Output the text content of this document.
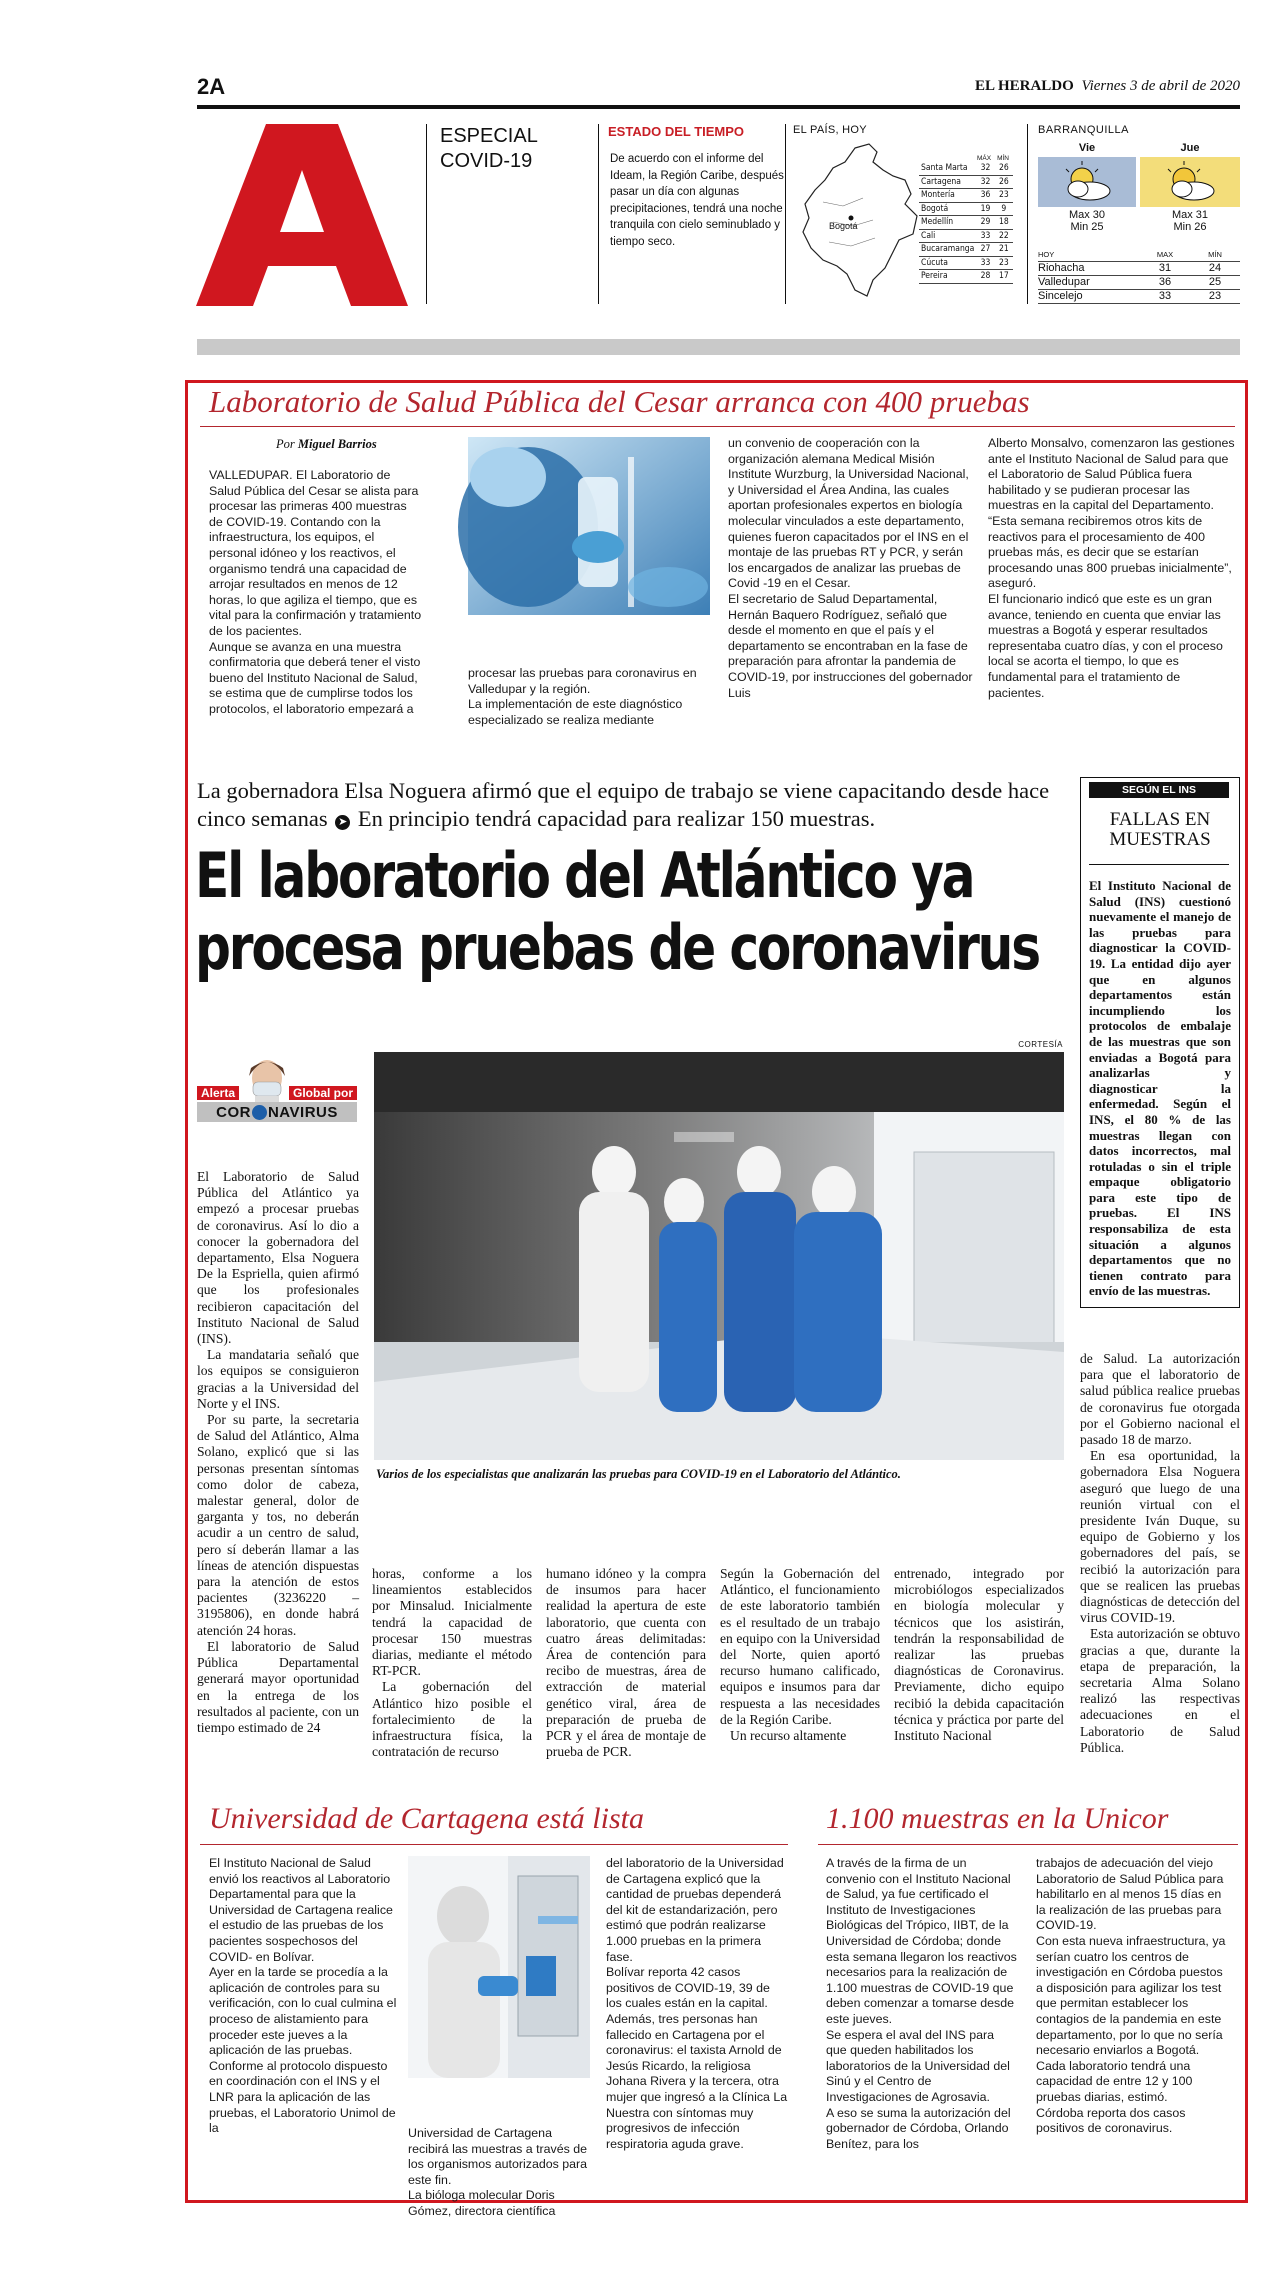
2A	EL HERALDO Viernes 3 de abril de 2020
ESPECIAL
COVID-19
ESTADO DEL TIEMPO
De acuerdo con el informe del Ideam, la Región Caribe, después pasar un día con algunas precipitaciones, tendrá una noche tranquila con cielo seminublado y tiempo seco.
EL PAÍS, HOY
Bogotá
MÁX MÍN
Santa Marta	32	26
Cartagena	32	26
Montería	36	23
Bogotá	19	9
Medellín	29	18
Cali	33	22
Bucaramanga	27	21
Cúcuta	33	23
Pereira	28	17
BARRANQUILLA
Vie
Max 30
Min 25
Jue
Max 31
Min 26
HOY	MAX	MÍN
Riohacha	31	24
Valledupar	36	25
Sincelejo	33	23
Laboratorio de Salud Pública del Cesar arranca con 400 pruebas
Por Miguel Barrios

VALLEDUPAR. El Laboratorio de Salud Pública del Cesar se alista para procesar las primeras 400 muestras de COVID-19. Contando con la infraestructura, los equipos, el personal idóneo y los reactivos, el organismo tendrá una capacidad de arrojar resultados en menos de 12 horas, lo que agiliza el tiempo, que es vital para la confirmación y tratamiento de los pacientes.

Aunque se avanza en una muestra confirmatoria que deberá tener el visto bueno del Instituto Nacional de Salud, se estima que de cumplirse todos los protocolos, el laboratorio empezará a

procesar las pruebas para coronavirus en Valledupar y la región.

La implementación de este diagnóstico especializado se realiza mediante

un convenio de cooperación con la organización alemana Medical Misión Institute Wurzburg, la Universidad Nacional, y Universidad el Área Andina, las cuales aportan profesionales expertos en biología molecular vinculados a este departamento, quienes fueron capacitados por el INS en el montaje de las pruebas RT y PCR, y serán los encargados de analizar las pruebas de Covid -19 en el Cesar.

El secretario de Salud Departamental, Hernán Baquero Rodríguez, señaló que desde el momento en que el país y el departamento se encontraban en la fase de preparación para afrontar la pandemia de COVID-19, por instrucciones del gobernador Luis

Alberto Monsalvo, comenzaron las gestiones ante el Instituto Nacional de Salud para que el Laboratorio de Salud Pública fuera habilitado y se pudieran procesar las muestras en la capital del Departamento.

“Esta semana recibiremos otros kits de reactivos para el procesamiento de 400 pruebas más, es decir que se estarían procesando unas 800 pruebas inicialmente”, aseguró.

El funcionario indicó que este es un gran avance, teniendo en cuenta que enviar las muestras a Bogotá y esperar resultados representaba cuatro días, y con el proceso local se acorta el tiempo, lo que es fundamental para el tratamiento de pacientes.

La gobernadora Elsa Noguera afirmó que el equipo de trabajo se viene capacitando desde hace cinco semanas ➤ En principio tendrá capacidad para realizar 150 muestras.
El laboratorio del Atlántico ya
procesa pruebas de coronavirus
Alerta	Global por
COR NAVIRUS
CORTESÍA
Varios de los especialistas que analizarán las pruebas para COVID-19 en el Laboratorio del Atlántico.

El Laboratorio de Salud Pública del Atlántico ya empezó a procesar pruebas de coronavirus. Así lo dio a conocer la gobernadora del departamento, Elsa Noguera De la Espriella, quien afirmó que los profesionales recibieron capacitación del Instituto Nacional de Salud (INS).

La mandataria señaló que los equipos se consiguieron gracias a la Universidad del Norte y el INS.

Por su parte, la secretaria de Salud del Atlántico, Alma Solano, explicó que si las personas presentan síntomas como dolor de cabeza, malestar general, dolor de garganta y tos, no deberán acudir a un centro de salud, pero sí deberán llamar a las líneas de atención dispuestas para la atención de estos pacientes (3236220 – 3195806), en donde habrá atención 24 horas.

El laboratorio de Salud Pública Departamental generará mayor oportunidad en la entrega de los resultados al paciente, con un tiempo estimado de 24

horas, conforme a los lineamientos establecidos por Minsalud. Inicialmente tendrá la capacidad de procesar 150 muestras diarias, mediante el método RT-PCR.

La gobernación del Atlántico hizo posible el fortalecimiento de la infraestructura física, la contratación de recurso

humano idóneo y la compra de insumos para hacer realidad la apertura de este laboratorio, que cuenta con cuatro áreas delimitadas: Área de contención para recibo de muestras, área de extracción de material genético viral, área de preparación de prueba de PCR y el área de montaje de prueba de PCR.

Según la Gobernación del Atlántico, el funcionamiento de este laboratorio también es el resultado de un trabajo en equipo con la Universidad del Norte, quien aportó recurso humano calificado, equipos e insumos para dar respuesta a las necesidades de la Región Caribe.

Un recurso altamente

entrenado, integrado por microbiólogos especializados en biología molecular y técnicos que los asistirán, tendrán la responsabilidad de realizar las pruebas diagnósticas de Coronavirus. Previamente, dicho equipo recibió la debida capacitación técnica y práctica por parte del Instituto Nacional

de Salud. La autorización para que el laboratorio de salud pública realice pruebas de coronavirus fue otorgada por el Gobierno nacional el pasado 18 de marzo.

En esa oportunidad, la gobernadora Elsa Noguera aseguró que luego de una reunión virtual con el presidente Iván Duque, su equipo de Gobierno y los gobernadores del país, se recibió la autorización para que se realicen las pruebas diagnósticas de detección del virus COVID-19.

Esta autorización se obtuvo gracias a que, durante la etapa de preparación, la secretaria Alma Solano realizó las respectivas adecuaciones en el Laboratorio de Salud Pública.

SEGÚN EL INS
FALLAS EN
MUESTRAS
El Instituto Nacional de Salud (INS) cuestionó nuevamente el manejo de las pruebas para diagnosticar la COVID-19. La entidad dijo ayer que en algunos departamentos están incumpliendo los protocolos de embalaje de las muestras que son enviadas a Bogotá para analizarlas y diagnosticar la enfermedad. Según el INS, el 80 % de las muestras llegan con datos incorrectos, mal rotuladas o sin el triple empaque obligatorio para este tipo de pruebas. El INS responsabiliza de esta situación a algunos departamentos que no tienen contrato para envío de las muestras.
Universidad de Cartagena está lista

El Instituto Nacional de Salud envió los reactivos al Laboratorio Departamental para que la Universidad de Cartagena realice el estudio de las pruebas de los pacientes sospechosos del COVID- en Bolívar.

Ayer en la tarde se procedía a la aplicación de controles para su verificación, con lo cual culmina el proceso de alistamiento para proceder este jueves a la aplicación de las pruebas.

Conforme al protocolo dispuesto en coordinación con el INS y el LNR para la aplicación de las pruebas, el Laboratorio Unimol de la	Universidad de Cartagena recibirá las muestras a través de los organismos autorizados para este fin.

La bióloga molecular Doris Gómez, directora científica

del laboratorio de la Universidad de Cartagena explicó que la cantidad de pruebas dependerá del kit de estandarización, pero estimó que podrán realizarse 1.000 pruebas en la primera fase.

Bolívar reporta 42 casos positivos de COVID-19, 39 de los cuales están en la capital. Además, tres personas han fallecido en Cartagena por el coronavirus: el taxista Arnold de Jesús Ricardo, la religiosa Johana Rivera y la tercera, otra mujer que ingresó a la Clínica La Nuestra con síntomas muy progresivos de infección respiratoria aguda grave.

1.100 muestras en la Unicor

A través de la firma de un convenio con el Instituto Nacional de Salud, ya fue certificado el Instituto de Investigaciones Biológicas del Trópico, IIBT, de la Universidad de Córdoba; donde esta semana llegaron los reactivos necesarios para la realización de 1.100 muestras de COVID-19 que deben comenzar a tomarse desde este jueves.

Se espera el aval del INS para que queden habilitados los laboratorios de la Universidad del Sinú y el Centro de Investigaciones de Agrosavia.

A eso se suma la autorización del gobernador de Córdoba, Orlando Benítez, para los

trabajos de adecuación del viejo Laboratorio de Salud Pública para habilitarlo en al menos 15 días en la realización de las pruebas para COVID-19.

Con esta nueva infraestructura, ya serían cuatro los centros de investigación en Córdoba puestos a disposición para agilizar los test que permitan establecer los contagios de la pandemia en este departamento, por lo que no sería necesario enviarlos a Bogotá.

Cada laboratorio tendrá una capacidad de entre 12 y 100 pruebas diarias, estimó.

Córdoba reporta dos casos positivos de coronavirus.
